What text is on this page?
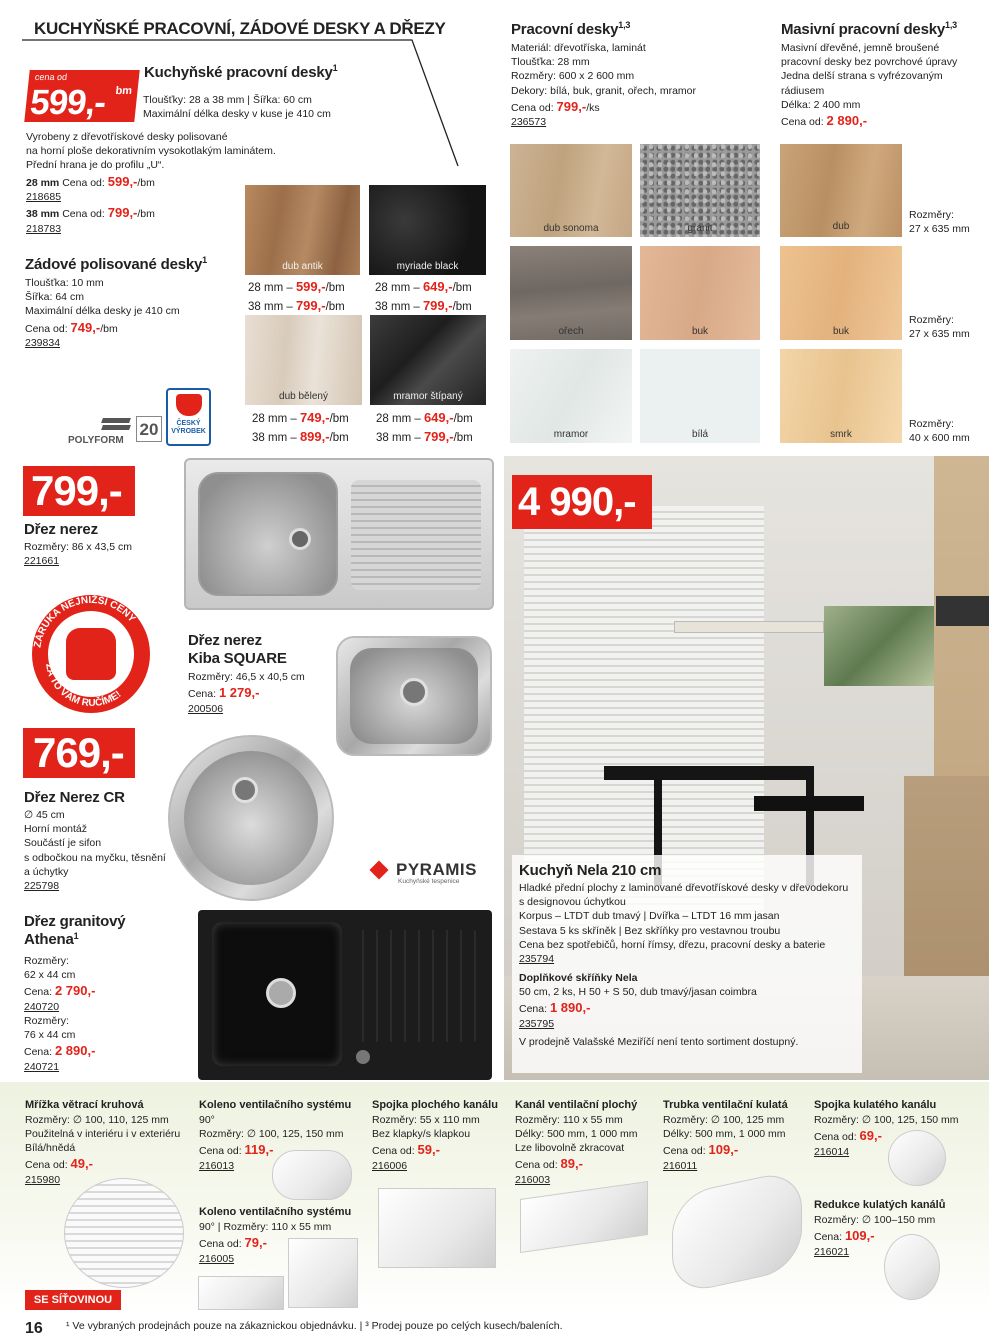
KUCHYŇSKÉ PRACOVNÍ, ZÁDOVÉ DESKY A DŘEZY
cena od
599,- bm
Kuchyňské pracovní desky$^1$
Tloušťky: 28 a 38 mm | Šířka: 60 cm
Maximální délka desky v kuse je 410 cm
Vyrobeny z dřevotřískové desky polisované
na horní ploše dekorativním vysokotlakým laminátem.
Přední hrana je do profilu „U“.
28 mm Cena od: 599,-/bm
218685
38 mm Cena od: 799,-/bm
218783
Zádové polisované desky$^1$
Tloušťka: 10 mm
Šířka: 64 cm
Maximální délka desky je 410 cm
Cena od: 749,-/bm
239834
dub antik	myriade black
28 mm – 599,-/bm
38 mm – 799,-/bm
28 mm – 649,-/bm
38 mm – 799,-/bm
dub bělený	mramor štípaný
28 mm – 749,-/bm
38 mm – 899,-/bm
28 mm – 649,-/bm
38 mm – 799,-/bm
POLYFORM
20	ČESKÝ
VÝROBEK
Pracovní desky$^{1,3}$
Materiál: dřevotříska, laminát
Tloušťka: 28 mm
Rozměry: 600 x 2 600 mm
Dekory: bílá, buk, granit, ořech, mramor
Cena od: 799,-/ks
236573
Masivní pracovní desky$^{1,3}$
Masivní dřevěné, jemně broušené
pracovní desky bez povrchové úpravy
Jedna delší strana s vyfrézovaným
rádiusem
Délka: 2 400 mm
Cena od: 2 890,-
dub sonoma	granit
ořech	buk
mramor	bílá
dub
buk
smrk
Rozměry:
27 x 635 mm
Rozměry:
27 x 635 mm
Rozměry:
40 x 600 mm
799,-
Dřez nerez
Rozměry: 86 x 43,5 cm
221661
ZÁRUKA NEJNIŽŠÍ CENY
ZA TO VÁM RUČÍME!
Dřez nerez
Kiba SQUARE
Rozměry: 46,5 x 40,5 cm
Cena: 1 279,-
200506
769,-
Dřez Nerez CR
∅ 45 cm
Horní montáž
Součástí je sifon
s odbočkou na myčku, těsnění
a úchytky
225798
PYRAMIS
Kuchyňské tespenice
Dřez granitový
Athena$^1$
Rozměry:
62 x 44 cm
Cena: 2 790,-
240720
Rozměry:
76 x 44 cm
Cena: 2 890,-
240721
4 990,-
Kuchyň Nela 210 cm
Hladké přední plochy z laminované dřevotřískové desky v dřevodekoru
s designovou úchytkou
Korpus – LTDT dub tmavý | Dvířka – LTDT 16 mm jasan
Sestava 5 ks skříněk | Bez skříňky pro vestavnou troubu
Cena bez spotřebičů, horní římsy, dřezu, pracovní desky a baterie
235794
Doplňkové skříňky Nela
50 cm, 2 ks, H 50 + S 50, dub tmavý/jasan coimbra
Cena: 1 890,-
235795
V prodejně Valašské Meziříčí není tento sortiment dostupný.
Mřížka větrací kruhová
Rozměry: ∅ 100, 110, 125 mm
Použitelná v interiéru i v exteriéru
Bílá/hnědá
Cena od: 49,-
215980
Koleno ventilačního systému
90°
Rozměry: ∅ 100, 125, 150 mm
Cena od: 119,-
216013
Koleno ventilačního systému
90° | Rozměry: 110 x 55 mm
Cena od: 79,-
216005
Spojka plochého kanálu
Rozměry: 55 x 110 mm
Bez klapky/s klapkou
Cena od: 59,-
216006
Kanál ventilační plochý
Rozměry: 110 x 55 mm
Délky: 500 mm, 1 000 mm
Lze libovolně zkracovat
Cena od: 89,-
216003
Trubka ventilační kulatá
Rozměry: ∅ 100, 125 mm
Délky: 500 mm, 1 000 mm
Cena od: 109,-
216011
Spojka kulatého kanálu
Rozměry: ∅ 100, 125, 150 mm
Cena od: 69,-
216014
Redukce kulatých kanálů
Rozměry: ∅ 100–150 mm
Cena: 109,-
216021
SE SÍŤOVINOU
16 ¹ Ve vybraných prodejnách pouze na zákaznickou objednávku. | ³ Prodej pouze po celých kusech/baleních.
